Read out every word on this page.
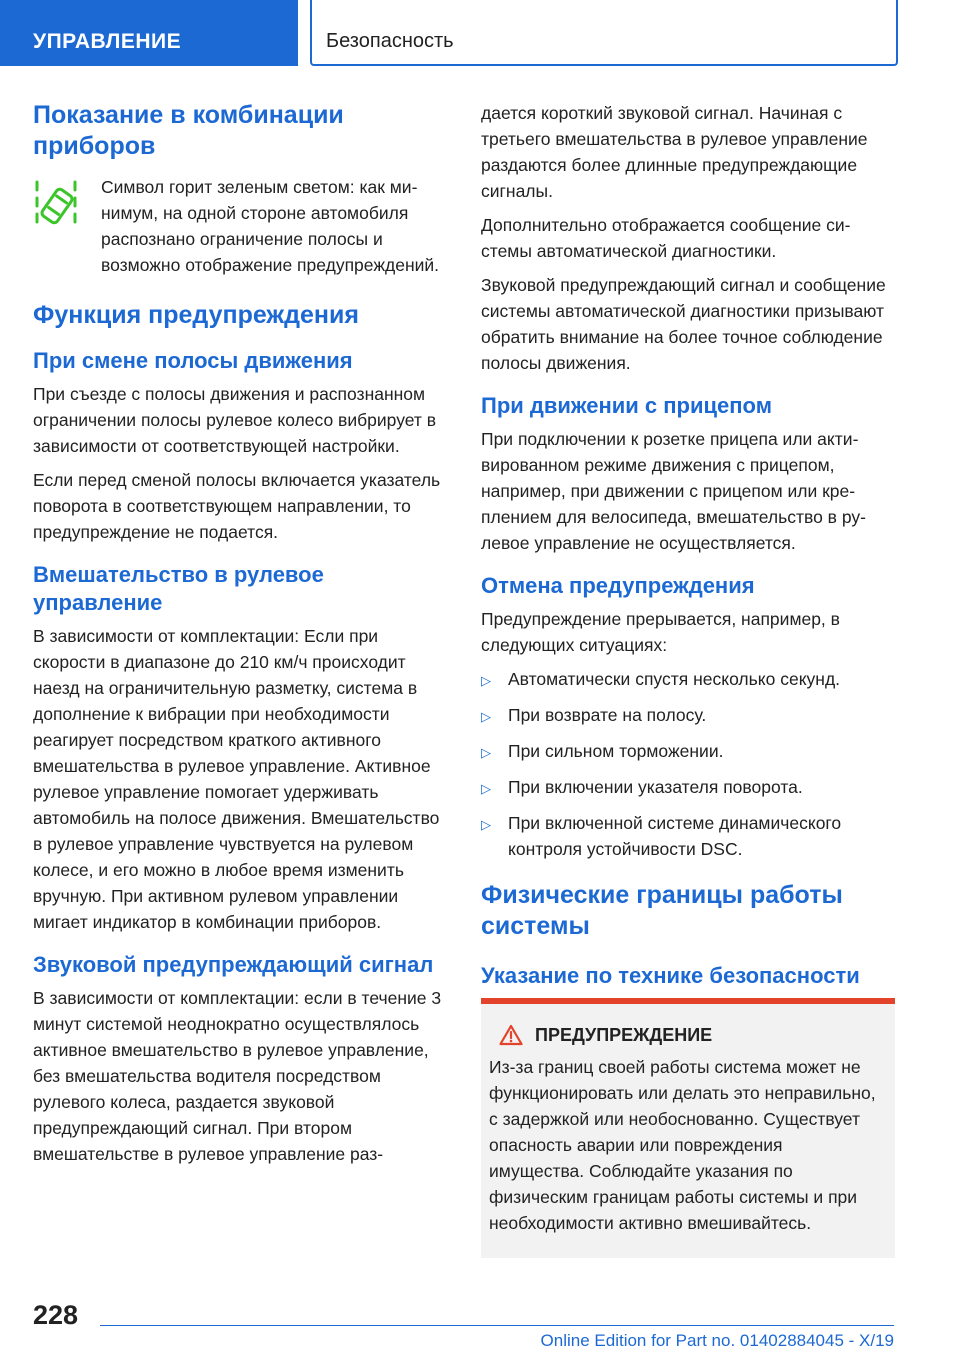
УПРАВЛЕНИЕ	Безопасность
Показание в комбинации приборов

Символ горит зеленым светом: как минимум, на одной стороне автомобиля распознано ограничение полосы и возможно отображение предупреждений.

Функция предупреждения
При смене полосы движения

При съезде с полосы движения и распознанном ограничении полосы рулевое колесо вибрирует в зависимости от соответствующей настройки.

Если перед сменой полосы включается указатель поворота в соответствующем направлении, то предупреждение не подается.

Вмешательство в рулевое управление

В зависимости от комплектации: Если при скорости в диапазоне до 210 км/ч происходит наезд на ограничительную разметку, система в дополнение к вибрации при необходимости реагирует посредством краткого активного вмешательства в рулевое управление. Активное рулевое управление помогает удерживать автомобиль на полосе движения. Вмешательство в рулевое управление чувствуется на рулевом колесе, и его можно в любое время изменить вручную. При активном рулевом управлении мигает индикатор в комбинации приборов.

Звуковой предупреждающий сигнал

В зависимости от комплектации: если в течение 3 минут системой неоднократно осуществлялось активное вмешательство в рулевое управление, без вмешательства водителя посредством рулевого колеса, раздается звуковой предупреждающий сигнал. При втором вмешательстве в рулевое управление раз-

дается короткий звуковой сигнал. Начиная с третьего вмешательства в рулевое управление раздаются более длинные предупреждающие сигналы.

Дополнительно отображается сообщение системы автоматической диагностики.

Звуковой предупреждающий сигнал и сообщение системы автоматической диагностики призывают обратить внимание на более точное соблюдение полосы движения.

При движении с прицепом

При подключении к розетке прицепа или активированном режиме движения с прицепом, например, при движении с прицепом или креплением для велосипеда, вмешательство в рулевое управление не осуществляется.

Отмена предупреждения

Предупреждение прерывается, например, в следующих ситуациях:

▷ Автоматически спустя несколько секунд.
▷ При возврате на полосу.
▷ При сильном торможении.
▷ При включении указателя поворота.
▷ При включенной системе динамического контроля устойчивости DSC.
Физические границы работы системы
Указание по технике безопасности
ПРЕДУПРЕЖДЕНИЕ

Из-за границ своей работы система может не функционировать или делать это неправильно, с задержкой или необоснованно. Существует опасность аварии или повреждения имущества. Соблюдайте указания по физическим границам работы системы и при необходимости активно вмешивайтесь.

228
Online Edition for Part no. 01402884045 - X/19
